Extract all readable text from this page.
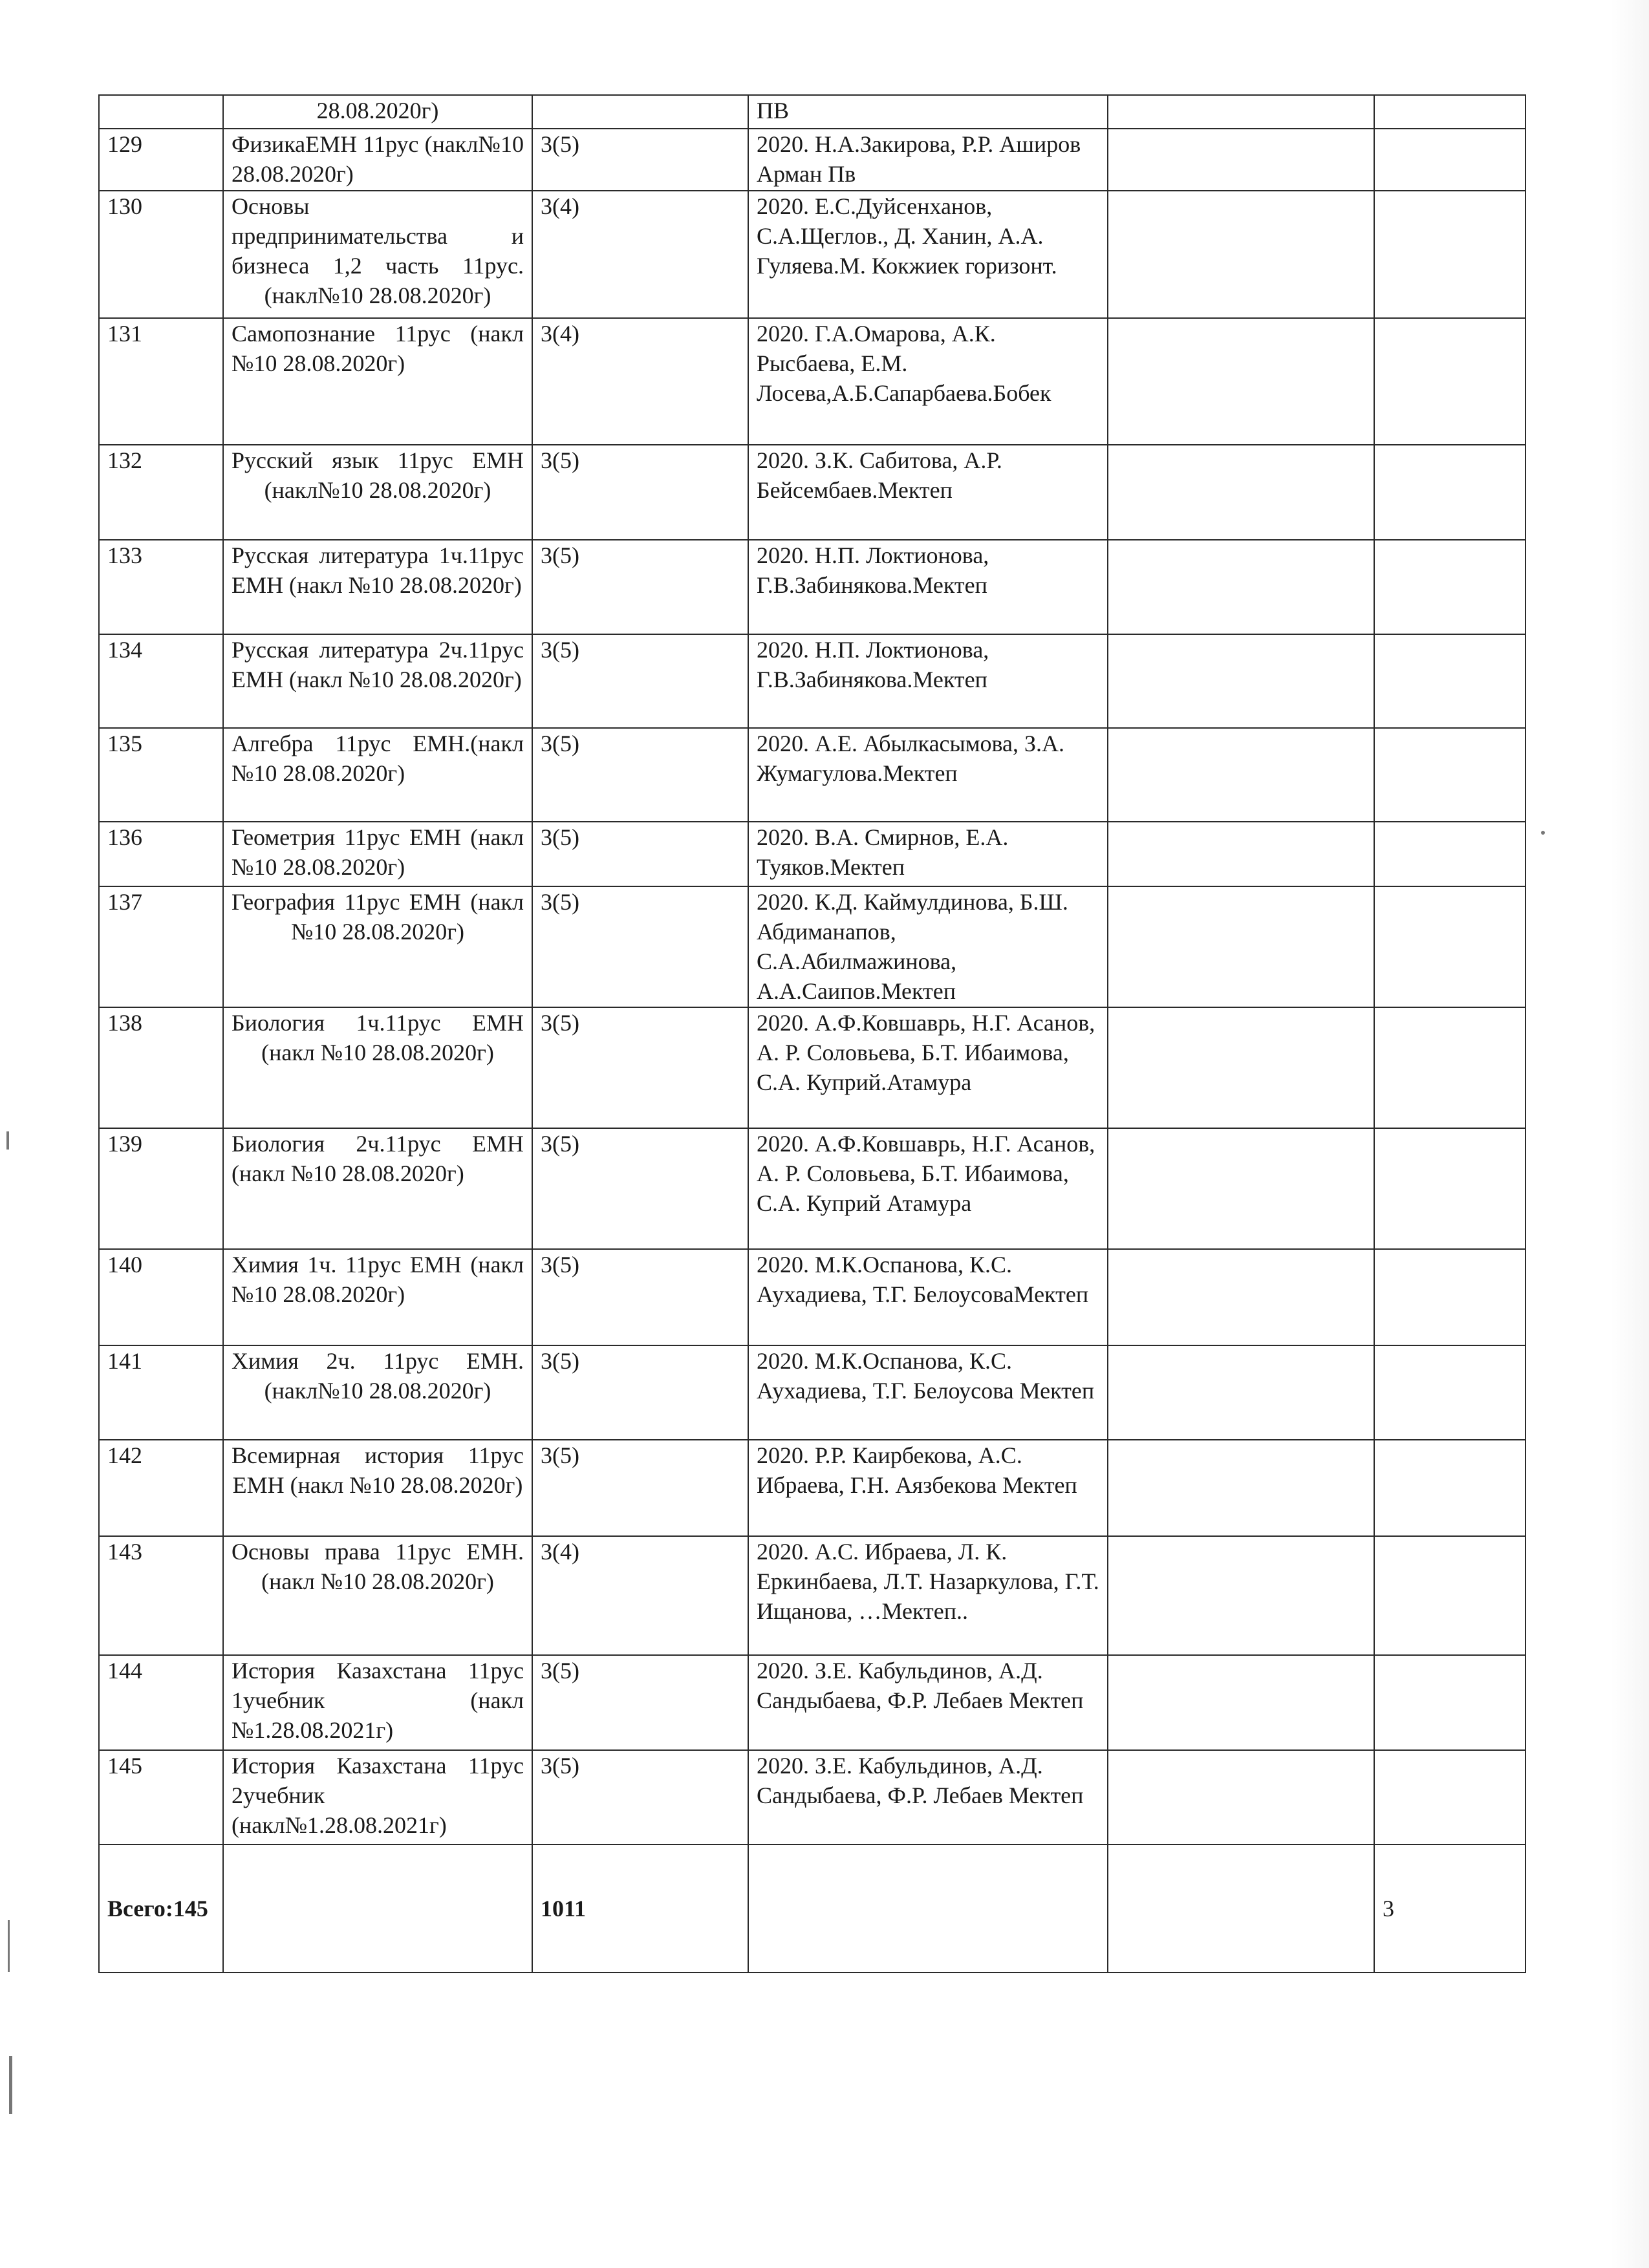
	28.08.2020г)		ПВ		
129	ФизикаЕМН 11рус (накл№10 28.08.2020г)	3(5)	2020. Н.А.Закирова, Р.Р. Аширов Арман Пв		
130	Основы предпринимательства и бизнеса 1,2 часть 11рус.(накл№10 28.08.2020г)	3(4)	2020. Е.С.Дуйсенханов, С.А.Щеглов., Д. Ханин, А.А. Гуляева.М. Кокжиек горизонт.		
131	Самопознание 11рус (накл №10 28.08.2020г)	3(4)	2020. Г.А.Омарова, А.К. Рысбаева, Е.М. Лосева,А.Б.Сапарбаева.Бобек		
132	Русский язык 11рус ЕМН (накл№10 28.08.2020г)	3(5)	2020. З.К. Сабитова, А.Р. Бейсембаев.Мектеп		
133	Русская литература 1ч.11рус ЕМН (накл №10 28.08.2020г)	3(5)	2020. Н.П. Локтионова, Г.В.Забинякова.Мектеп		
134	Русская литература 2ч.11рус ЕМН (накл №10 28.08.2020г)	3(5)	2020. Н.П. Локтионова, Г.В.Забинякова.Мектеп		
135	Алгебра 11рус ЕМН.(накл №10 28.08.2020г)	3(5)	2020. А.Е. Абылкасымова, З.А. Жумагулова.Мектеп		
136	Геометрия 11рус ЕМН (накл №10 28.08.2020г)	3(5)	2020. В.А. Смирнов, Е.А. Туяков.Мектеп		
137	География 11рус ЕМН (накл №10 28.08.2020г)	3(5)	2020. К.Д. Каймулдинова, Б.Ш. Абдиманапов, С.А.Абилмажинова, А.А.Саипов.Мектеп		
138	Биология 1ч.11рус ЕМН (накл №10 28.08.2020г)	3(5)	2020. А.Ф.Ковшаврь, Н.Г. Асанов, А. Р. Соловьева, Б.Т. Ибаимова, С.А. Куприй.Атамура		
139	Биология 2ч.11рус ЕМН (накл №10 28.08.2020г)	3(5)	2020. А.Ф.Ковшаврь, Н.Г. Асанов, А. Р. Соловьева, Б.Т. Ибаимова, С.А. Куприй Атамура		
140	Химия 1ч. 11рус ЕМН (накл №10 28.08.2020г)	3(5)	2020. М.К.Оспанова, К.С. Аухадиева, Т.Г. БелоусоваМектеп		
141	Химия 2ч. 11рус ЕМН.(накл№10 28.08.2020г)	3(5)	2020. М.К.Оспанова, К.С. Аухадиева, Т.Г. Белоусова Мектеп		
142	Всемирная история 11рус ЕМН (накл №10 28.08.2020г)	3(5)	2020. Р.Р. Каирбекова, А.С. Ибраева, Г.Н. Аязбекова Мектеп		
143	Основы права 11рус ЕМН.(накл №10 28.08.2020г)	3(4)	2020. А.С. Ибраева, Л. К. Еркинбаева, Л.Т. Назаркулова, Г.Т. Ищанова, …Мектеп..		
144	История Казахстана 11рус 1учебник (накл №1.28.08.2021г)	3(5)	2020. З.Е. Кабульдинов, А.Д. Сандыбаева, Ф.Р. Лебаев Мектеп		
145	История Казахстана 11рус 2учебник (накл№1.28.08.2021г)	3(5)	2020. З.Е. Кабульдинов, А.Д. Сандыбаева, Ф.Р. Лебаев Мектеп		
Всего:145		1011			3
